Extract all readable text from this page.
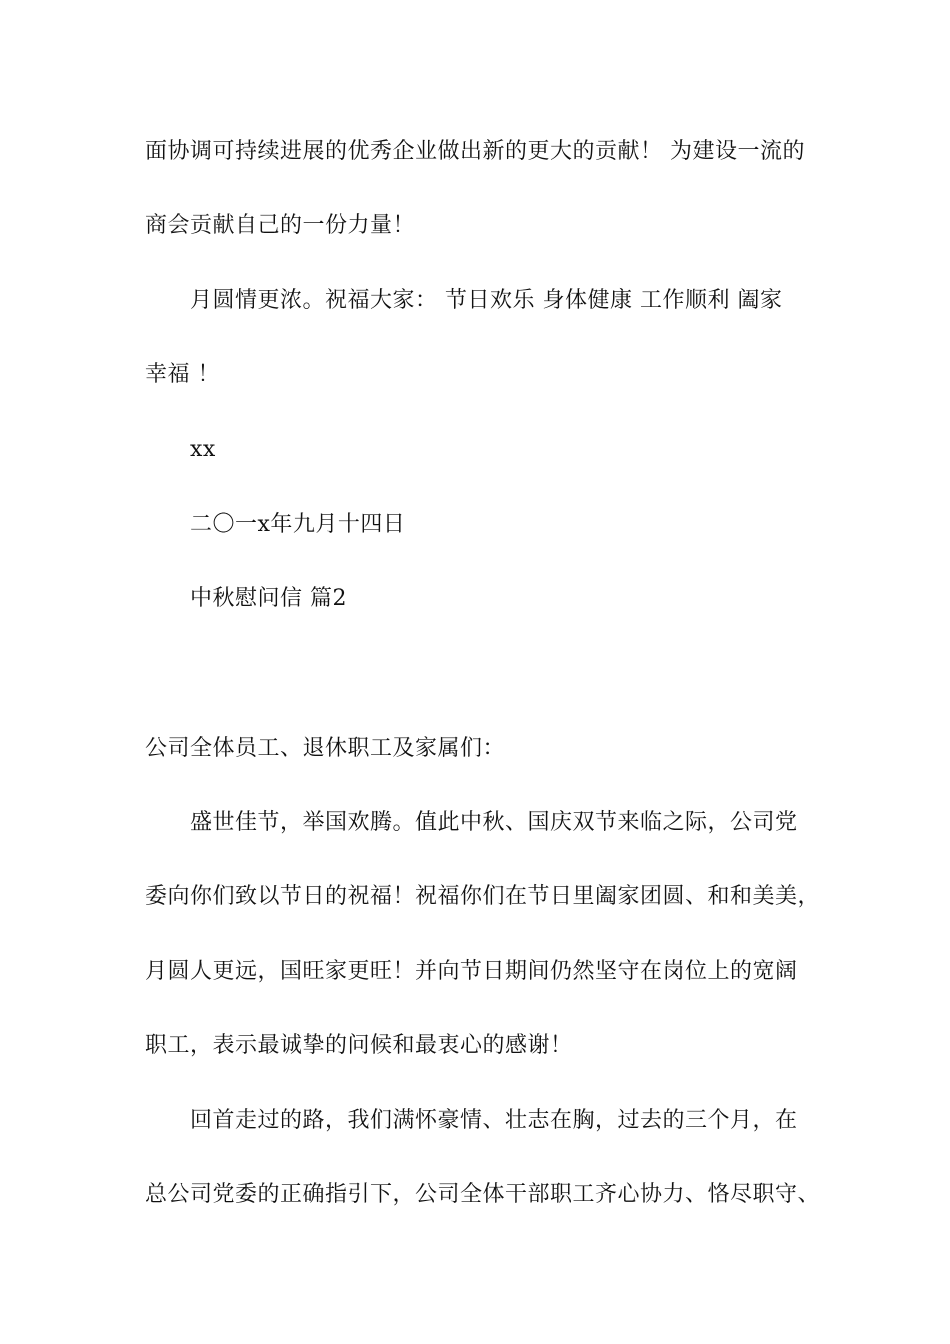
面协调可持续进展的优秀企业做出新的更大的贡献！ 为建设一流的
商会贡献自己的一份力量！
月圆情更浓。祝福大家： 节日欢乐 身体健康 工作顺利 阖家
幸福 ！
xx
二〇一x年九月十四日
中秋慰问信 篇2
公司全体员工、退休职工及家属们：
盛世佳节，举国欢腾。值此中秋、国庆双节来临之际，公司党
委向你们致以节日的祝福！祝福你们在节日里阖家团圆、和和美美，
月圆人更远，国旺家更旺！并向节日期间仍然坚守在岗位上的宽阔
职工，表示最诚挚的问候和最衷心的感谢！
回首走过的路，我们满怀豪情、壮志在胸，过去的三个月，在
总公司党委的正确指引下，公司全体干部职工齐心协力、恪尽职守、
